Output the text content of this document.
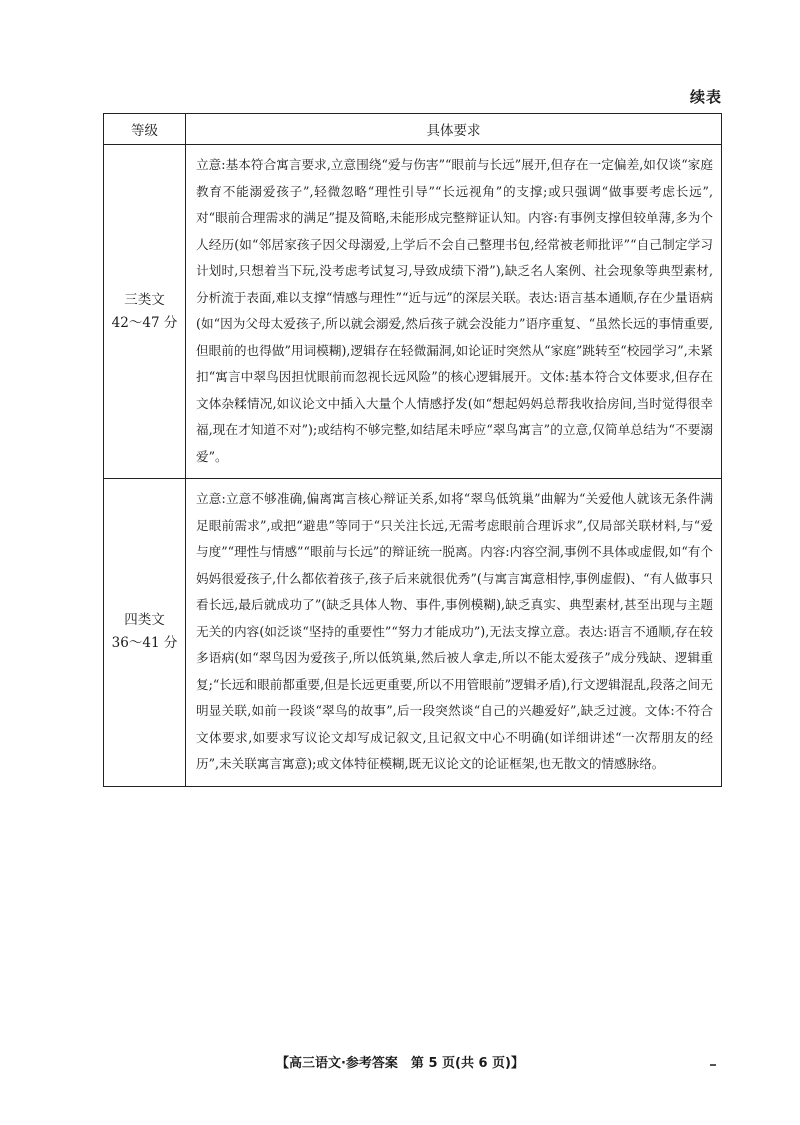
续表
等级	具体要求

三类文
42～47 分	立意:基本符合寓言要求,立意围绕“爱与伤害”“眼前与长远”展开,但存在一定偏差,如仅谈“家庭教育不能溺爱孩子”,轻微忽略“理性引导”“长远视角”的支撑;或只强调“做事要考虑长远”,对“眼前合理需求的满足”提及简略,未能形成完整辩证认知。内容:有事例支撑但较单薄,多为个人经历(如“邻居家孩子因父母溺爱,上学后不会自己整理书包,经常被老师批评”“自己制定学习计划时,只想着当下玩,没考虑考试复习,导致成绩下滑”),缺乏名人案例、社会现象等典型素材,分析流于表面,难以支撑“情感与理性”“近与远”的深层关联。表达:语言基本通顺,存在少量语病(如“因为父母太爱孩子,所以就会溺爱,然后孩子就会没能力”语序重复、“虽然长远的事情重要,但眼前的也得做”用词模糊),逻辑存在轻微漏洞,如论证时突然从“家庭”跳转至“校园学习”,未紧扣“寓言中翠鸟因担忧眼前而忽视长远风险”的核心逻辑展开。文体:基本符合文体要求,但存在文体杂糅情况,如议论文中插入大量个人情感抒发(如“想起妈妈总帮我收拾房间,当时觉得很幸福,现在才知道不对”);或结构不够完整,如结尾未呼应“翠鸟寓言”的立意,仅简单总结为“不要溺爱”。

四类文
36～41 分	立意:立意不够准确,偏离寓言核心辩证关系,如将“翠鸟低筑巢”曲解为“关爱他人就该无条件满足眼前需求”,或把“避患”等同于“只关注长远,无需考虑眼前合理诉求”,仅局部关联材料,与“爱与度”“理性与情感”“眼前与长远”的辩证统一脱离。内容:内容空洞,事例不具体或虚假,如“有个妈妈很爱孩子,什么都依着孩子,孩子后来就很优秀”(与寓言寓意相悖,事例虚假)、“有人做事只看长远,最后就成功了”(缺乏具体人物、事件,事例模糊),缺乏真实、典型素材,甚至出现与主题无关的内容(如泛谈“坚持的重要性”“努力才能成功”),无法支撑立意。表达:语言不通顺,存在较多语病(如“翠鸟因为爱孩子,所以低筑巢,然后被人拿走,所以不能太爱孩子”成分残缺、逻辑重复;“长远和眼前都重要,但是长远更重要,所以不用管眼前”逻辑矛盾),行文逻辑混乱,段落之间无明显关联,如前一段谈“翠鸟的故事”,后一段突然谈“自己的兴趣爱好”,缺乏过渡。文体:不符合文体要求,如要求写议论文却写成记叙文,且记叙文中心不明确(如详细讲述“一次帮朋友的经历”,未关联寓言寓意);或文体特征模糊,既无议论文的论证框架,也无散文的情感脉络。
【高三语文·参考答案　第 5 页(共 6 页)】
